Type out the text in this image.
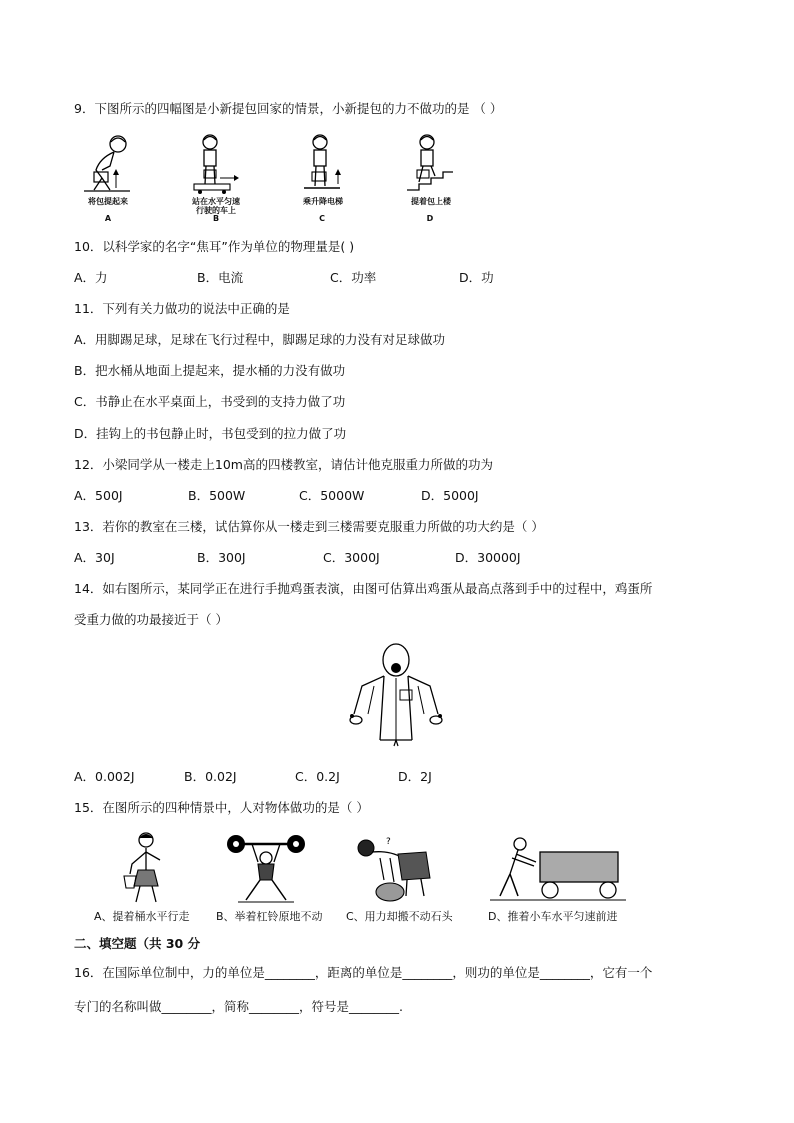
9．下图所示的四幅图是小新提包回家的情景，小新提包的力不做功的是 （ ）
将包提起来
A
站在水平匀速
行驶的车上
B
乘升降电梯
C
提着包上楼
D
10．以科学家的名字“焦耳”作为单位的物理量是( )
A．力	B．电流	C．功率	D．功
11．下列有关力做功的说法中正确的是
A．用脚踢足球，足球在飞行过程中，脚踢足球的力没有对足球做功
B．把水桶从地面上提起来，提水桶的力没有做功
C．书静止在水平桌面上，书受到的支持力做了功
D．挂钩上的书包静止时，书包受到的拉力做了功
12．小梁同学从一楼走上10m高的四楼教室，请估计他克服重力所做的功为
A．500J	B．500W	C．5000W	D．5000J
13．若你的教室在三楼，试估算你从一楼走到三楼需要克服重力所做的功大约是（ ）
A．30J	B．300J	C．3000J	D．30000J
14．如右图所示，某同学正在进行手抛鸡蛋表演，由图可估算出鸡蛋从最高点落到手中的过程中，鸡蛋所
受重力做的功最接近于（ ）
A．0.002J	B．0.02J	C．0.2J	D．2J
15．在图所示的四种情景中，人对物体做功的是（ ）
A、提着桶水平行走 B、举着杠铃原地不动
?
C、用力却搬不动石头	D、推着小车水平匀速前进
二、填空题（共 30 分
16．在国际单位制中，力的单位是________，距离的单位是________，则功的单位是________，它有一个
专门的名称叫做________，简称________，符号是________.
